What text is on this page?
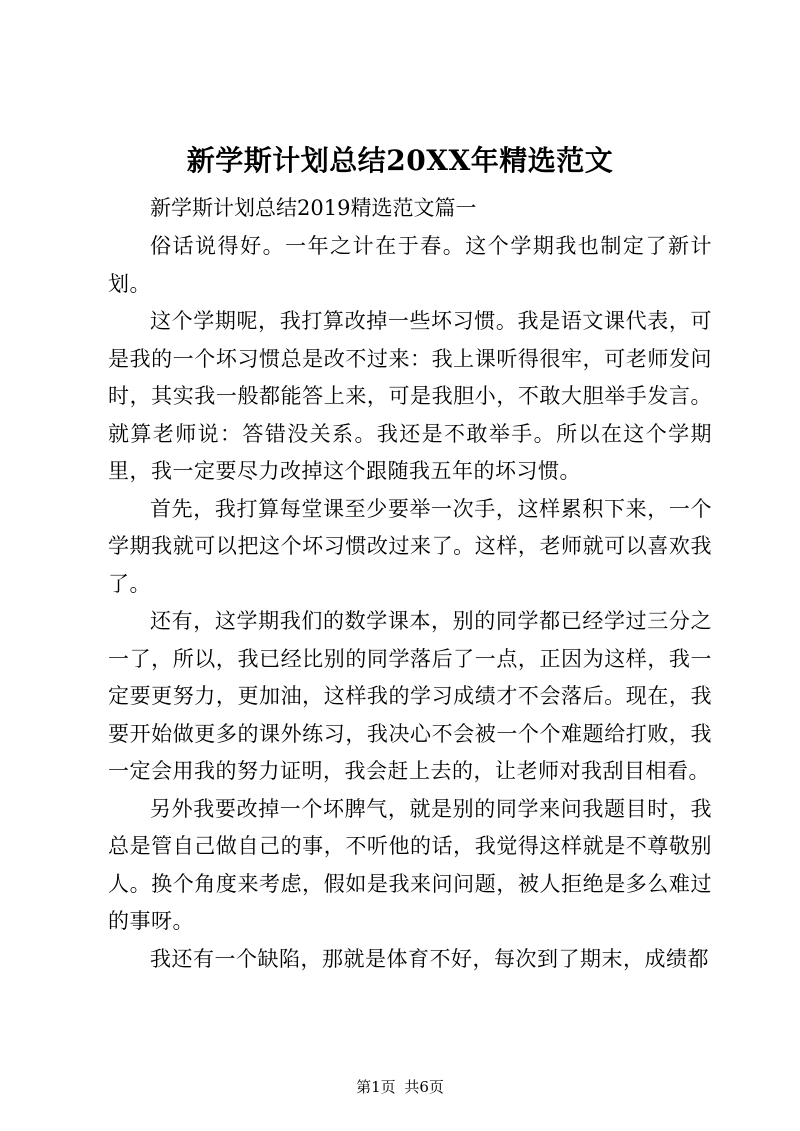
新学斯计划总结20XX年精选范文
新学斯计划总结2019精选范文篇一

俗话说得好。一年之计在于春。这个学期我也制定了新计划。

这个学期呢，我打算改掉一些坏习惯。我是语文课代表，可是我的一个坏习惯总是改不过来：我上课听得很牢，可老师发问时，其实我一般都能答上来，可是我胆小，不敢大胆举手发言。就算老师说：答错没关系。我还是不敢举手。所以在这个学期里，我一定要尽力改掉这个跟随我五年的坏习惯。

首先，我打算每堂课至少要举一次手，这样累积下来，一个学期我就可以把这个坏习惯改过来了。这样，老师就可以喜欢我了。

还有，这学期我们的数学课本，别的同学都已经学过三分之一了，所以，我已经比别的同学落后了一点，正因为这样，我一定要更努力，更加油，这样我的学习成绩才不会落后。现在，我要开始做更多的课外练习，我决心不会被一个个难题给打败，我一定会用我的努力证明，我会赶上去的，让老师对我刮目相看。

另外我要改掉一个坏脾气，就是别的同学来问我题目时，我总是管自己做自己的事，不听他的话，我觉得这样就是不尊敬别人。换个角度来考虑，假如是我来问问题，被人拒绝是多么难过的事呀。

我还有一个缺陷，那就是体育不好，每次到了期末，成绩都

第1页 共6页
